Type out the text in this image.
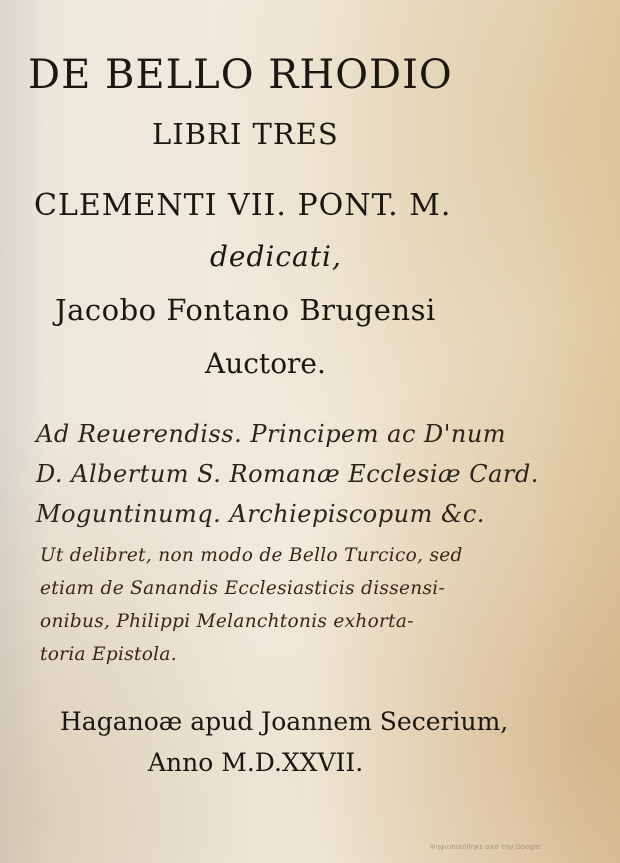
DE BELLO RHODIO
LIBRI TRES
CLEMENTI VII. PONT. M.
dedicati,
Jacobo Fontano Brugensi
Auctore.
Ad Reuerendiss. Principem ac D'num
D. Albertum S. Romanæ Ecclesiæ Card.
Moguntinumq. Archiepiscopum &c.
Ut delibret, non modo de Bello Turcico, sed
etiam de Sanandis Ecclesiasticis dissensi-
onibus, Philippi Melanchtonis exhorta-
toria Epistola.
Haganoæ apud Joannem Secerium,
Anno M.D.XXVII.
Ψηφιοποιήθηκε από την Google
